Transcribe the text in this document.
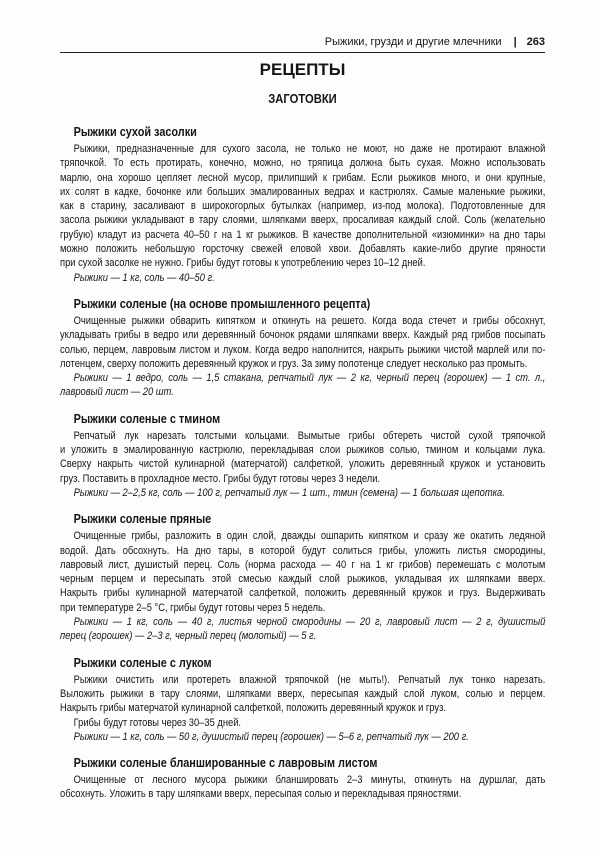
Рыжики, грузди и другие млечники | 263
РЕЦЕПТЫ
ЗАГОТОВКИ
Рыжики сухой засолки
Рыжики, предназначенные для сухого засола, не только не моют, но даже не протирают влажной
тряпочкой. То есть протирать, конечно, можно, но тряпица должна быть сухая. Можно использовать
марлю, она хорошо цепляет лесной мусор, прилипший к грибам. Если рыжиков много, и они крупные,
их солят в кадке, бочонке или больших эмалированных ведрах и кастрюлях. Самые маленькие рыжики,
как в старину, засаливают в широкогорлых бутылках (например, из-под молока). Подготовленные для
засола рыжики укладывают в тару слоями, шляпками вверх, просаливая каждый слой. Соль (желательно
грубую) кладут из расчета 40–50 г на 1 кг рыжиков. В качестве дополнительной «изюминки» на дно тары
можно положить небольшую горсточку свежей еловой хвои. Добавлять какие-либо другие пряности
при сухой засолке не нужно. Грибы будут готовы к употреблению через 10–12 дней.
Рыжики — 1 кг, соль — 40–50 г.
Рыжики соленые (на основе промышленного рецепта)
Очищенные рыжики обварить кипятком и откинуть на решето. Когда вода стечет и грибы обсохнут,
укладывать грибы в ведро или деревянный бочонок рядами шляпками вверх. Каждый ряд грибов посыпать
солью, перцем, лавровым листом и луком. Когда ведро наполнится, накрыть рыжики чистой марлей или по-
лотенцем, сверху положить деревянный кружок и груз. За зиму полотенце следует несколько раз промыть.
Рыжики — 1 ведро, соль — 1,5 стакана, репчатый лук — 2 кг, черный перец (горошек) — 1 ст. л.,
лавровый лист — 20 шт.
Рыжики соленые с тмином
Репчатый лук нарезать толстыми кольцами. Вымытые грибы обтереть чистой сухой тряпочкой
и уложить в эмалированную кастрюлю, перекладывая слои рыжиков солью, тмином и кольцами лука.
Сверху накрыть чистой кулинарной (матерчатой) салфеткой, уложить деревянный кружок и установить
груз. Поставить в прохладное место. Грибы будут готовы через 3 недели.
Рыжики — 2–2,5 кг, соль — 100 г, репчатый лук — 1 шт., тмин (семена) — 1 большая щепотка.
Рыжики соленые пряные
Очищенные грибы, разложить в один слой, дважды ошпарить кипятком и сразу же окатить ледяной
водой. Дать обсохнуть. На дно тары, в которой будут солиться грибы, уложить листья смородины,
лавровый лист, душистый перец. Соль (норма расхода — 40 г на 1 кг грибов) перемешать с молотым
черным перцем и пересыпать этой смесью каждый слой рыжиков, укладывая их шляпками вверх.
Накрыть грибы кулинарной матерчатой салфеткой, положить деревянный кружок и груз. Выдерживать
при температуре 2–5 °C, грибы будут готовы через 5 недель.
Рыжики — 1 кг, соль — 40 г, листья черной смородины — 20 г, лавровый лист — 2 г, душистый
перец (горошек) — 2–3 г, черный перец (молотый) — 5 г.
Рыжики соленые с луком
Рыжики очистить или протереть влажной тряпочкой (не мыть!). Репчатый лук тонко нарезать.
Выложить рыжики в тару слоями, шляпками вверх, пересыпая каждый слой луком, солью и перцем.
Накрыть грибы матерчатой кулинарной салфеткой, положить деревянный кружок и груз.
Грибы будут готовы через 30–35 дней.
Рыжики — 1 кг, соль — 50 г, душистый перец (горошек) — 5–6 г, репчатый лук — 200 г.
Рыжики соленые бланшированные с лавровым листом
Очищенные от лесного мусора рыжики бланшировать 2–3 минуты, откинуть на дуршлаг, дать
обсохнуть. Уложить в тару шляпками вверх, пересыпая солью и перекладывая пряностями.
